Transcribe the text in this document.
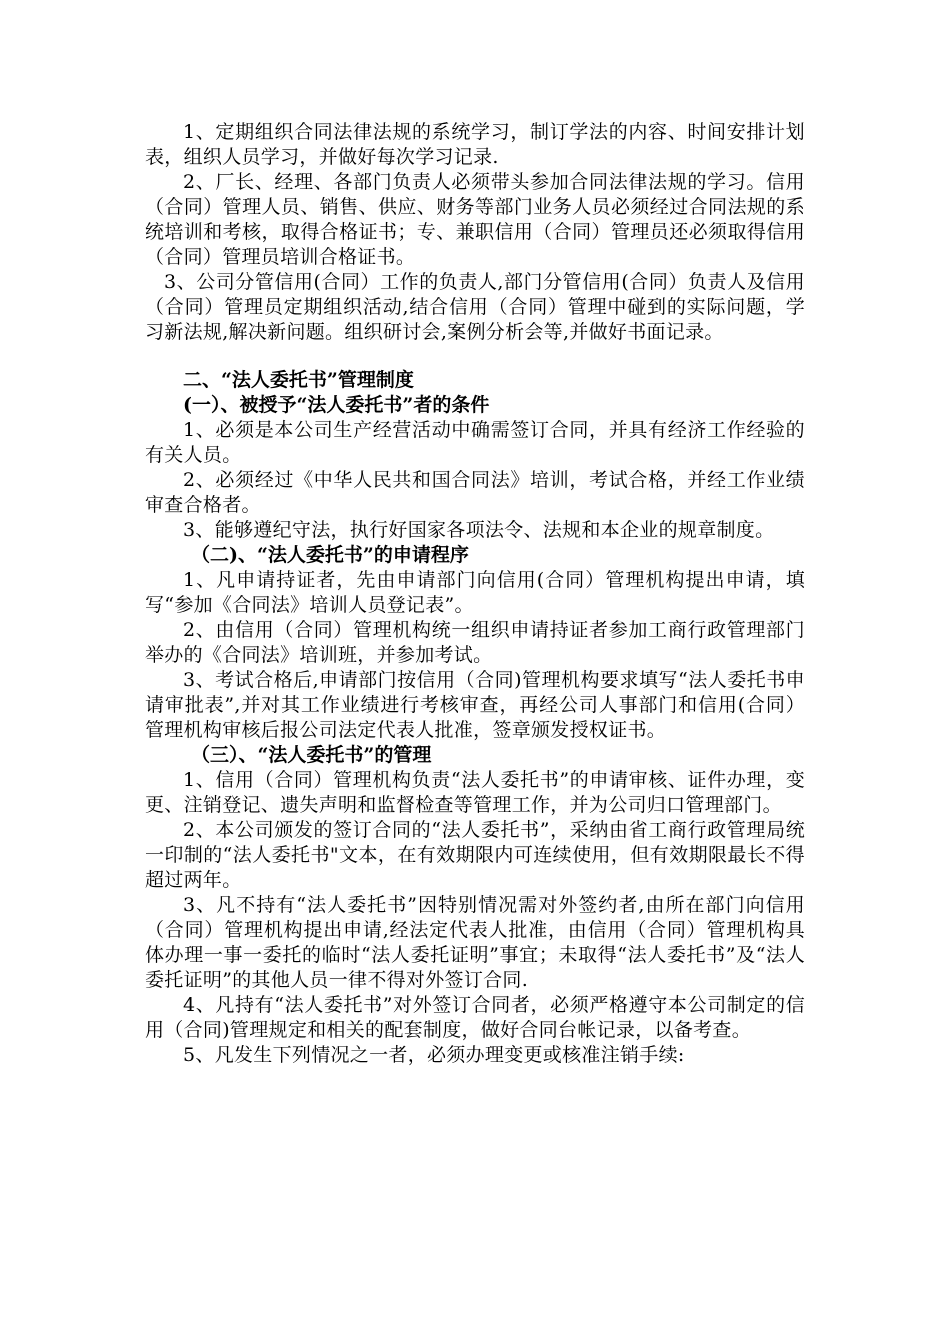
1、定期组织合同法律法规的系统学习，制订学法的内容、时间安排计划表，组织人员学习，并做好每次学习记录.

2、厂长、经理、各部门负责人必须带头参加合同法律法规的学习。信用（合同）管理人员、销售、供应、财务等部门业务人员必须经过合同法规的系统培训和考核，取得合格证书；专、兼职信用（合同）管理员还必须取得信用（合同）管理员培训合格证书。

3、公司分管信用(合同）工作的负责人,部门分管信用(合同）负责人及信用（合同）管理员定期组织活动,结合信用（合同）管理中碰到的实际问题，学习新法规,解决新问题。组织研讨会,案例分析会等,并做好书面记录。

二、“法人委托书”管理制度

(一）、被授予“法人委托书”者的条件

1、必须是本公司生产经营活动中确需签订合同，并具有经济工作经验的有关人员。

2、必须经过《中华人民共和国合同法》培训，考试合格，并经工作业绩审查合格者。

3、能够遵纪守法，执行好国家各项法令、法规和本企业的规章制度。

（二)、“法人委托书”的申请程序

1、凡申请持证者，先由申请部门向信用(合同）管理机构提出申请，填写“参加《合同法》培训人员登记表”。

2、由信用（合同）管理机构统一组织申请持证者参加工商行政管理部门举办的《合同法》培训班，并参加考试。

3、考试合格后,申请部门按信用（合同)管理机构要求填写“法人委托书申请审批表”,并对其工作业绩进行考核审查，再经公司人事部门和信用(合同）管理机构审核后报公司法定代表人批准，签章颁发授权证书。

（三）、“法人委托书”的管理

1、信用（合同）管理机构负责“法人委托书”的申请审核、证件办理，变更、注销登记、遗失声明和监督检查等管理工作，并为公司归口管理部门。

2、本公司颁发的签订合同的“法人委托书”，采纳由省工商行政管理局统一印制的“法人委托书"文本，在有效期限内可连续使用，但有效期限最长不得超过两年。

3、凡不持有“法人委托书”因特别情况需对外签约者,由所在部门向信用（合同）管理机构提出申请,经法定代表人批准，由信用（合同）管理机构具体办理一事一委托的临时“法人委托证明”事宜；未取得“法人委托书”及“法人委托证明”的其他人员一律不得对外签订合同.

4、凡持有“法人委托书”对外签订合同者，必须严格遵守本公司制定的信用（合同)管理规定和相关的配套制度，做好合同台帐记录，以备考查。

5、凡发生下列情况之一者，必须办理变更或核准注销手续:
